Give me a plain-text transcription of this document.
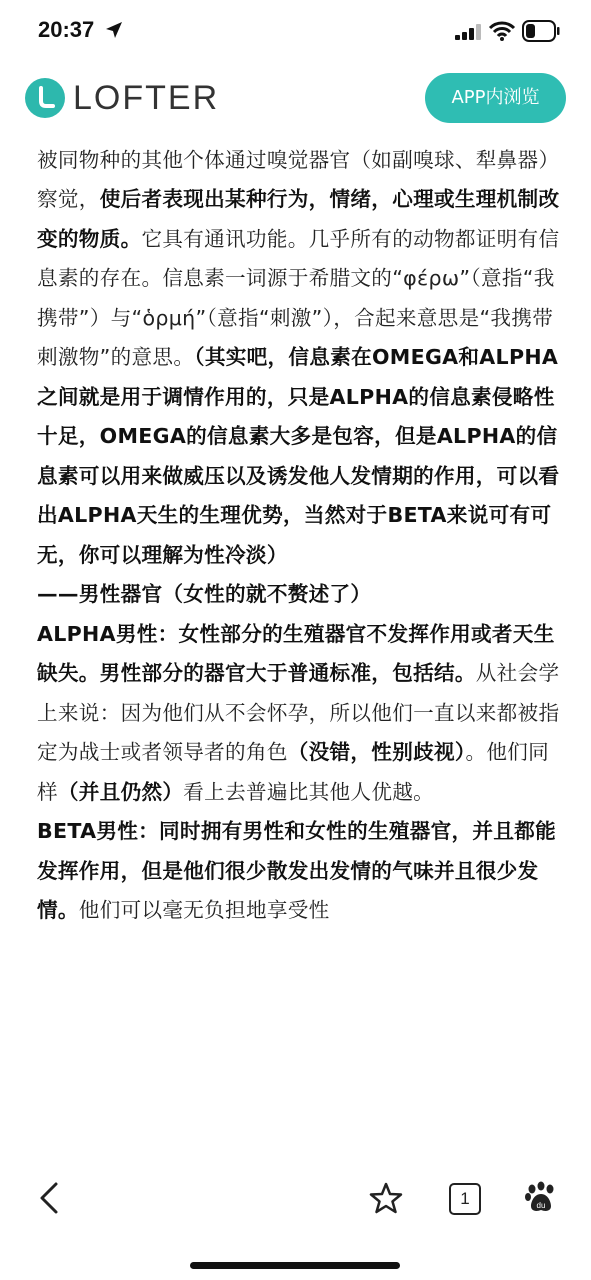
20:37
LOFTER	APP内浏览

被同物种的其他个体通过嗅觉器官（如副嗅球、犁鼻器）察觉，使后者表现出某种行为，情绪，心理或生理机制改变的物质。它具有通讯功能。几乎所有的动物都证明有信息素的存在。信息素一词源于希腊文的“φέρω”（意指“我携带”）与“ὁρμή”（意指“刺激”），合起来意思是“我携带刺激物”的意思。（其实吧，信息素在OMEGA和ALPHA之间就是用于调情作用的，只是ALPHA的信息素侵略性十足，OMEGA的信息素大多是包容，但是ALPHA的信息素可以用来做威压以及诱发他人发情期的作用，可以看出ALPHA天生的生理优势，当然对于BETA来说可有可无，你可以理解为性冷淡）

——男性器官（女性的就不赘述了）

ALPHA男性：女性部分的生殖器官不发挥作用或者天生缺失。男性部分的器官大于普通标准，包括结。从社会学上来说：因为他们从不会怀孕，所以他们一直以来都被指定为战士或者领导者的角色（没错，性别歧视）。他们同样（并且仍然）看上去普遍比其他人优越。

BETA男性：同时拥有男性和女性的生殖器官，并且都能发挥作用，但是他们很少散发出发情的气味并且很少发情。他们可以毫无负担地享受性

1	du
